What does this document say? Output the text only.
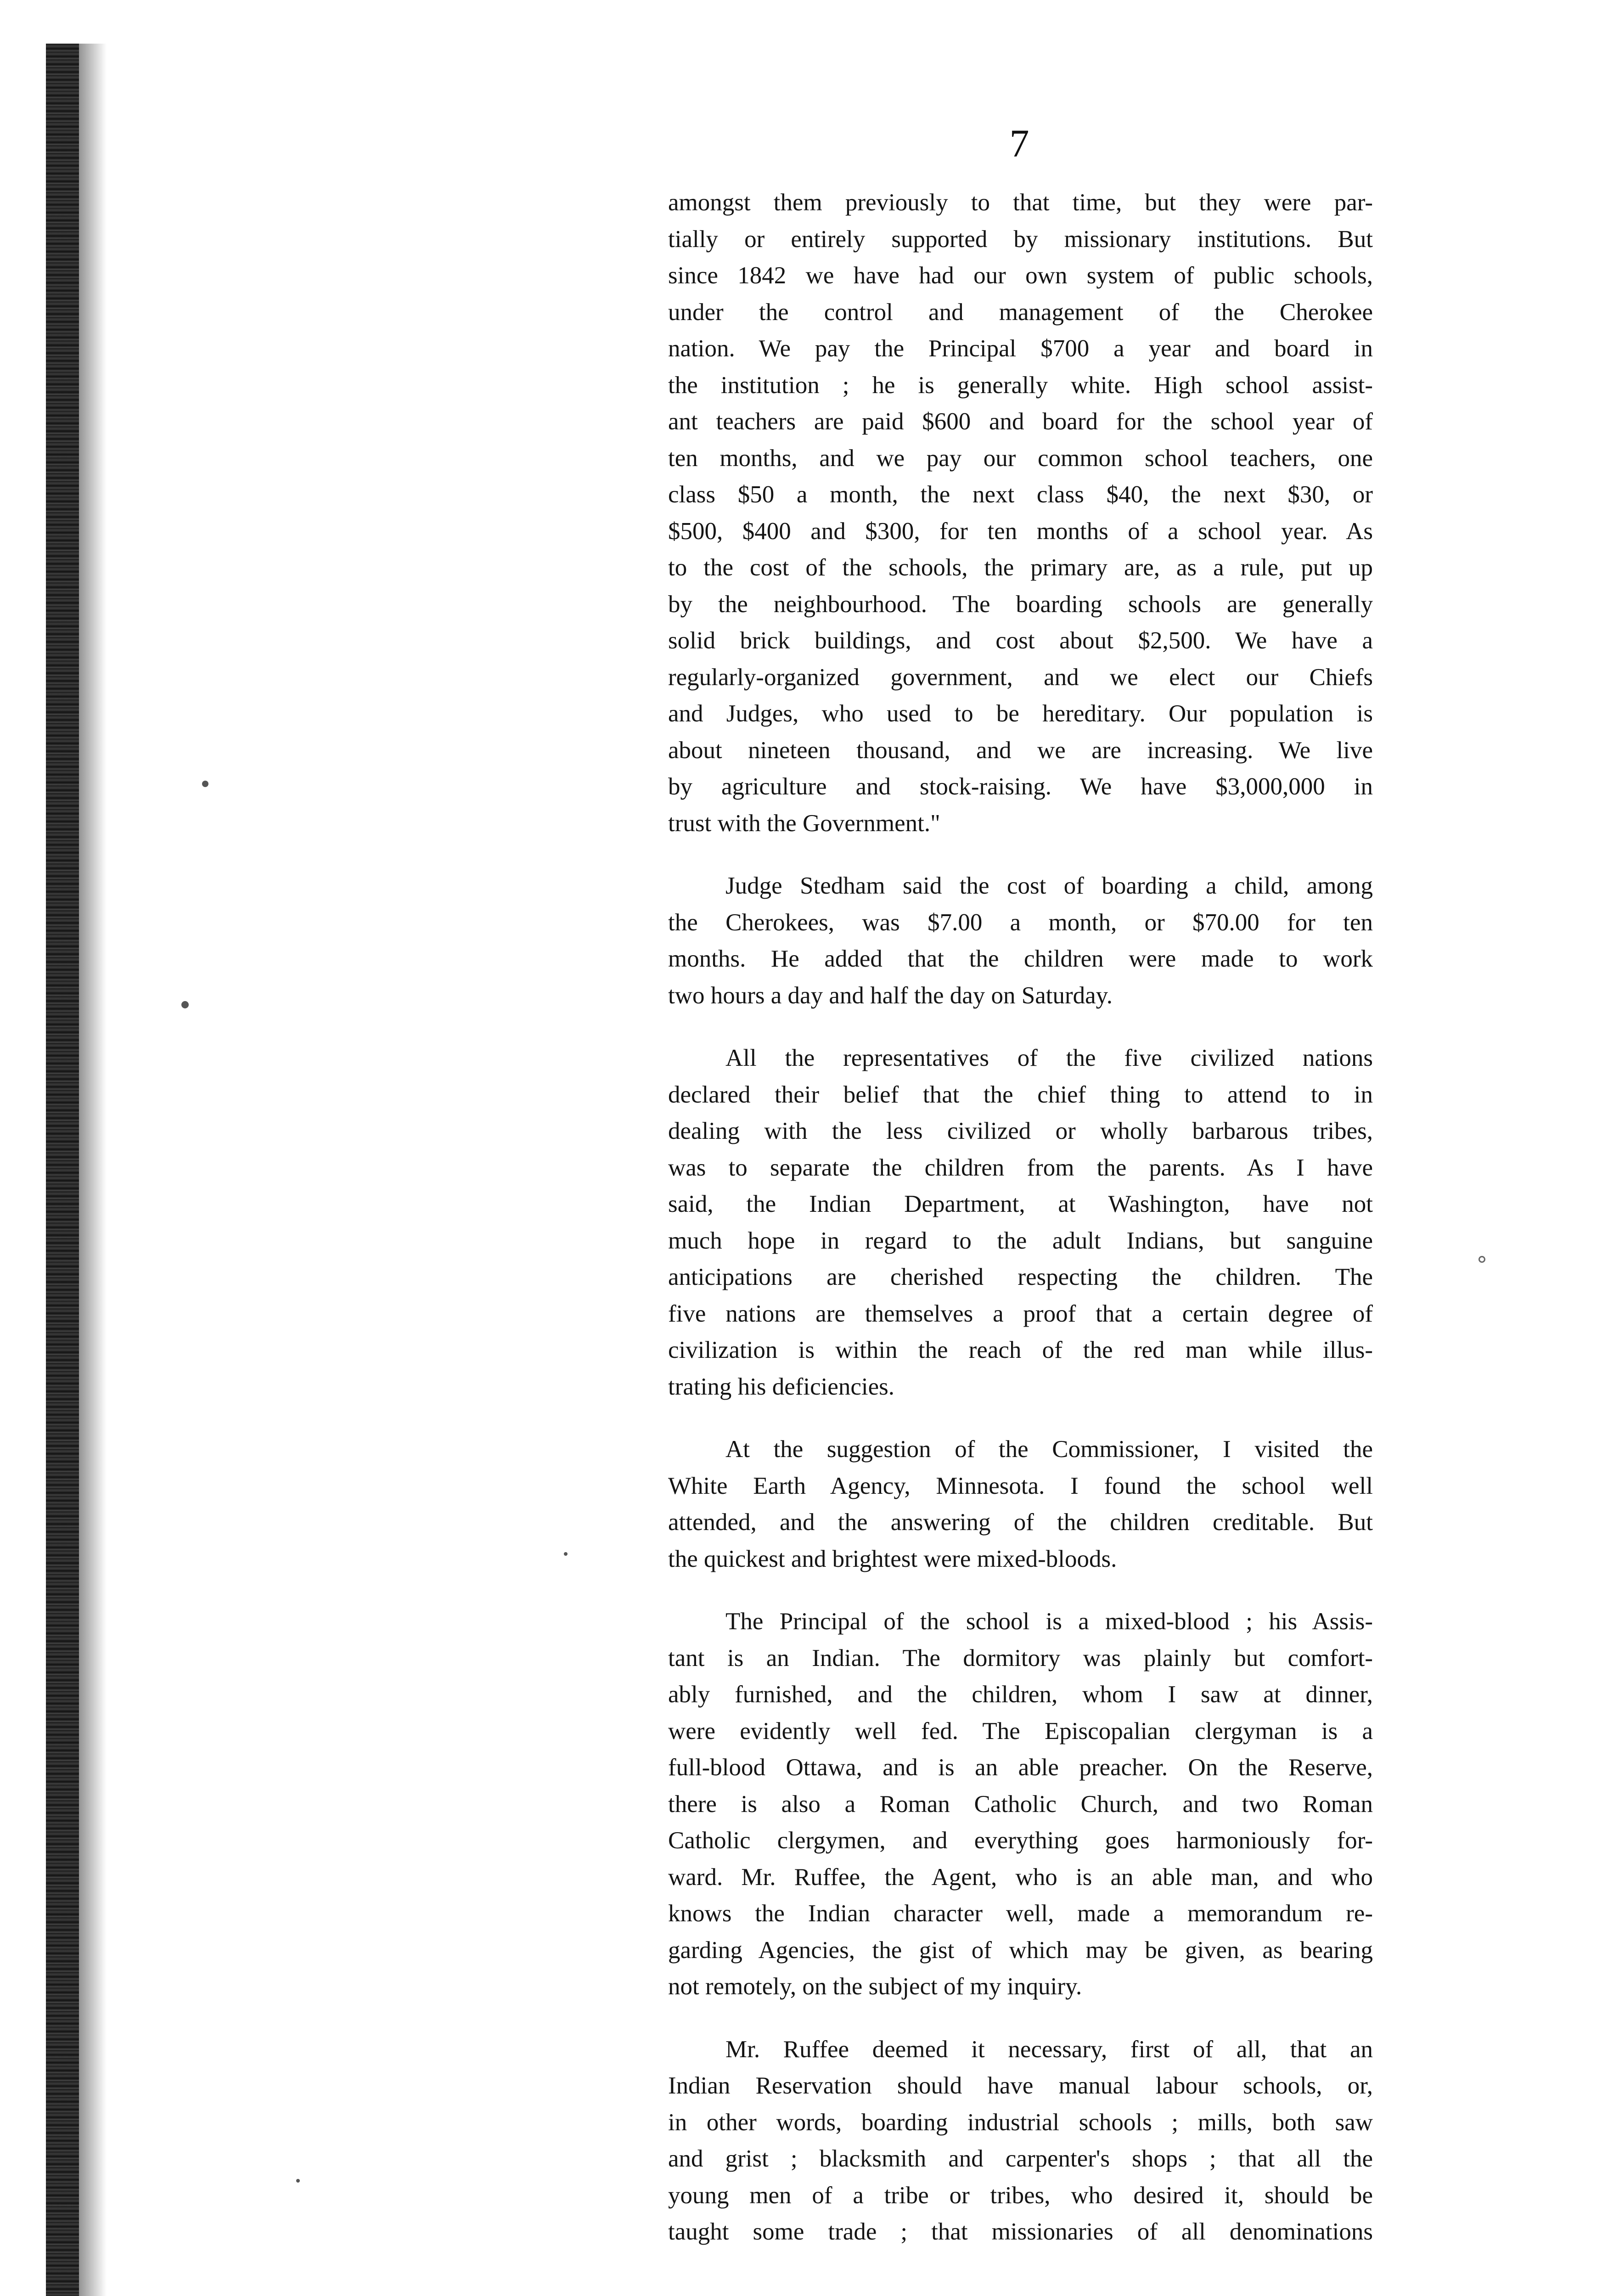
7
amongst them previously to that time, but they were par-
tially or entirely supported by missionary institutions. But
since 1842 we have had our own system of public schools,
under the control and management of the Cherokee
nation. We pay the Principal $700 a year and board in
the institution ; he is generally white. High school assist-
ant teachers are paid $600 and board for the school year of
ten months, and we pay our common school teachers, one
class $50 a month, the next class $40, the next $30, or
$500, $400 and $300, for ten months of a school year. As
to the cost of the schools, the primary are, as a rule, put up
by the neighbourhood. The boarding schools are generally
solid brick buildings, and cost about $2,500. We have a
regularly-organized government, and we elect our Chiefs
and Judges, who used to be hereditary. Our population is
about nineteen thousand, and we are increasing. We live
by agriculture and stock-raising. We have $3,000,000 in
trust with the Government."
Judge Stedham said the cost of boarding a child, among
the Cherokees, was $7.00 a month, or $70.00 for ten
months. He added that the children were made to work
two hours a day and half the day on Saturday.
All the representatives of the five civilized nations
declared their belief that the chief thing to attend to in
dealing with the less civilized or wholly barbarous tribes,
was to separate the children from the parents. As I have
said, the Indian Department, at Washington, have not
much hope in regard to the adult Indians, but sanguine
anticipations are cherished respecting the children. The
five nations are themselves a proof that a certain degree of
civilization is within the reach of the red man while illus-
trating his deficiencies.
At the suggestion of the Commissioner, I visited the
White Earth Agency, Minnesota. I found the school well
attended, and the answering of the children creditable. But
the quickest and brightest were mixed-bloods.
The Principal of the school is a mixed-blood ; his Assis-
tant is an Indian. The dormitory was plainly but comfort-
ably furnished, and the children, whom I saw at dinner,
were evidently well fed. The Episcopalian clergyman is a
full-blood Ottawa, and is an able preacher. On the Reserve,
there is also a Roman Catholic Church, and two Roman
Catholic clergymen, and everything goes harmoniously for-
ward. Mr. Ruffee, the Agent, who is an able man, and who
knows the Indian character well, made a memorandum re-
garding Agencies, the gist of which may be given, as bearing
not remotely, on the subject of my inquiry.
Mr. Ruffee deemed it necessary, first of all, that an
Indian Reservation should have manual labour schools, or,
in other words, boarding industrial schools ; mills, both saw
and grist ; blacksmith and carpenter's shops ; that all the
young men of a tribe or tribes, who desired it, should be
taught some trade ; that missionaries of all denominations
